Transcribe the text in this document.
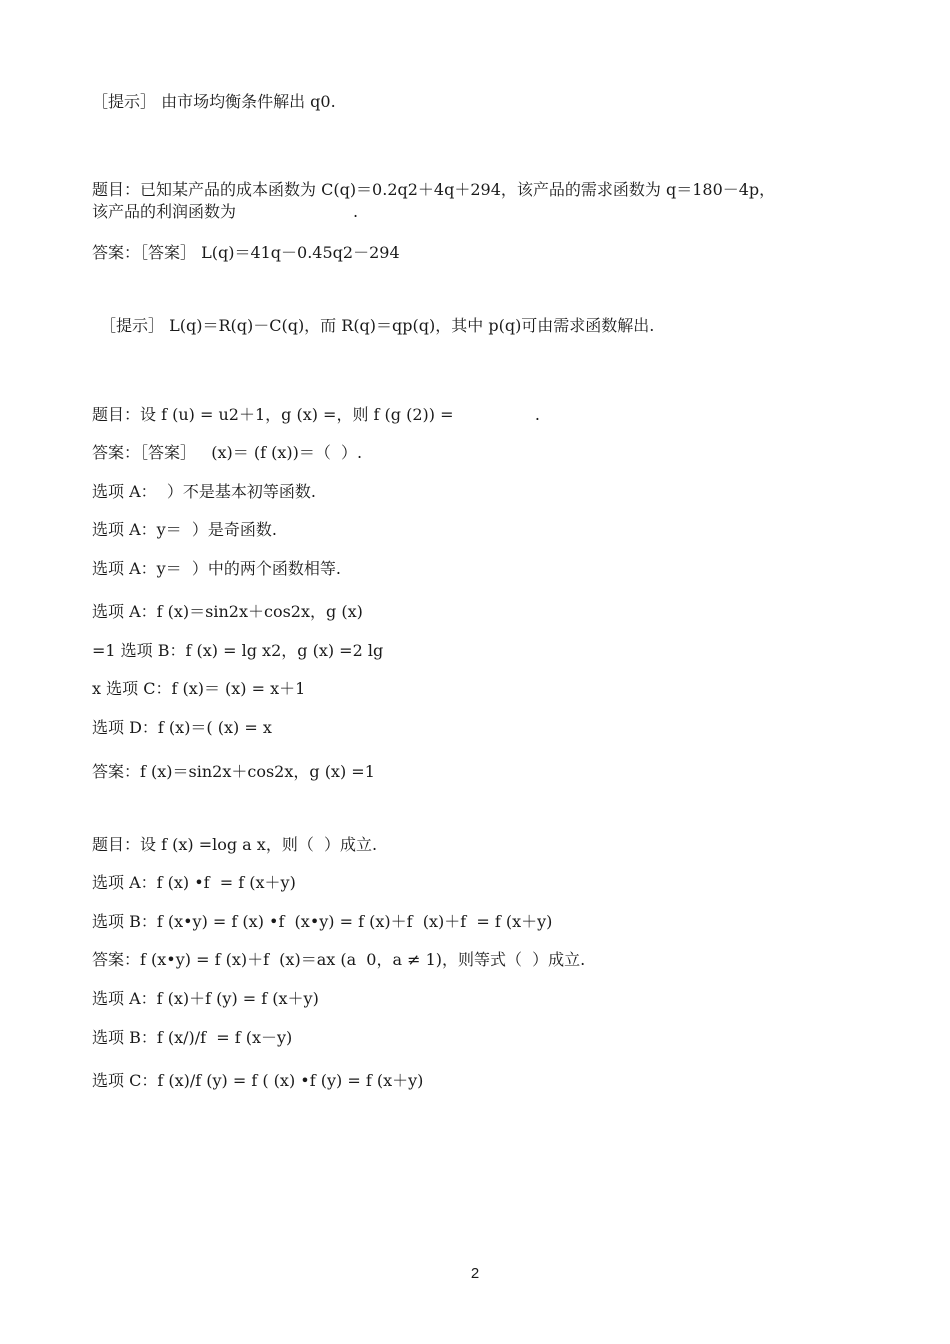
［提示］ 由市场均衡条件解出 q0.
题目：已知某产品的成本函数为 C(q)＝0.2q2＋4q＋294，该产品的需求函数为 q＝180－4p，
该产品的利润函数为                       .
答案：［答案］ L(q)＝41q－0.45q2－294
［提示］ L(q)＝R(q)－C(q)，而 R(q)＝qp(q)，其中 p(q)可由需求函数解出.
题目：设 f (u) = u2＋1，g (x) =，则 f (g (2)) =                .
答案：［答案］   (x)＝ (f (x))＝（  ）.
选项 A：  ）不是基本初等函数.
选项 A：y＝  ）是奇函数.
选项 A：y＝  ）中的两个函数相等.
选项 A：f (x)＝sin2x＋cos2x，g (x)
=1 选项 B：f (x) = lg x2，g (x) =2 lg
x 选项 C：f (x)＝ (x) = x＋1
选项 D：f (x)＝( (x) = x
答案：f (x)＝sin2x＋cos2x，g (x) =1
题目：设 f (x) =log a x，则（  ）成立.
选项 A：f (x) •f  = f (x＋y)
选项 B：f (x•y) = f (x) •f  (x•y) = f (x)＋f  (x)＋f  = f (x＋y)
答案：f (x•y) = f (x)＋f  (x)＝ax (a  0，a ≠ 1)，则等式（  ）成立.
选项 A：f (x)＋f (y) = f (x＋y)
选项 B：f (x/)/f  = f (x－y)
选项 C：f (x)/f (y) = f ( (x) •f (y) = f (x＋y)
2
